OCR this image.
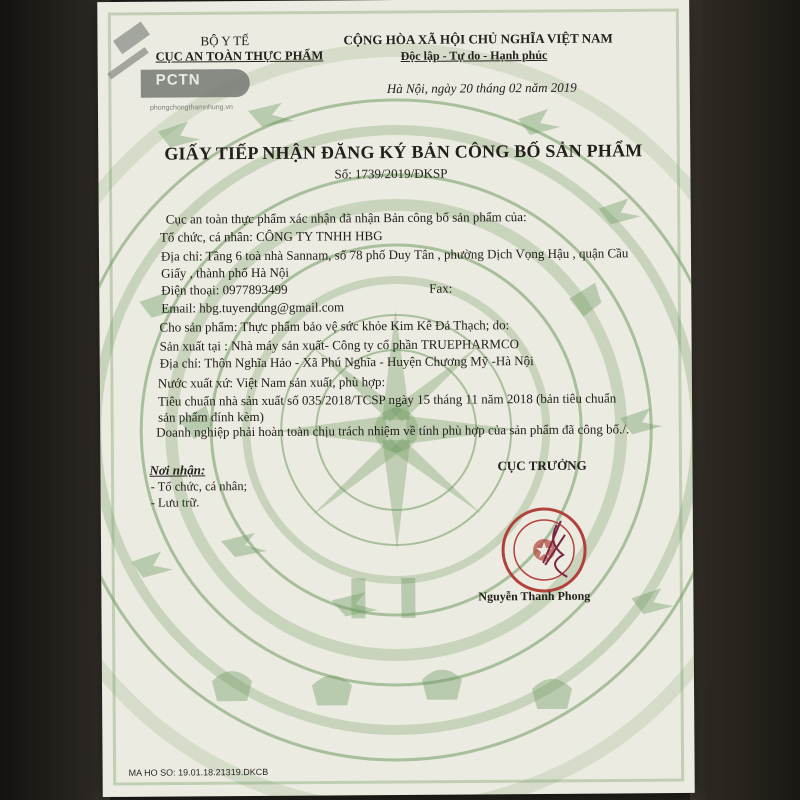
PCTN
phongchongthamnhung.vn
BỘ Y TẾ
CỤC AN TOÀN THỰC PHẨM
CỘNG HÒA XÃ HỘI CHỦ NGHĨA VIỆT NAM
Độc lập - Tự do - Hạnh phúc
Hà Nội, ngày 20 tháng 02 năm 2019
GIẤY TIẾP NHẬN ĐĂNG KÝ BẢN CÔNG BỐ SẢN PHẨM
Số: 1739/2019/ĐKSP
Cục an toàn thực phẩm xác nhận đã nhận Bản công bố sản phẩm của:
Tổ chức, cá nhân: CÔNG TY TNHH HBG
Địa chỉ: Tầng 6 toà nhà Sannam, số 78 phố Duy Tân , phường Dịch Vọng Hậu , quận Cầu
Giấy , thành phố Hà Nội
Điện thoại: 0977893499	Fax:
Email: hbg.tuyendung@gmail.com
Cho sản phẩm: Thực phẩm bảo vệ sức khỏe Kim Kê Đả Thạch; do:
Sản xuất tại : Nhà máy sản xuất- Công ty cổ phần TRUEPHARMCO
Địa chỉ: Thôn Nghĩa Hảo - Xã Phú Nghĩa - Huyện Chương Mỹ -Hà Nội
Nước xuất xứ: Việt Nam sản xuất, phù hợp:
Tiêu chuẩn nhà sản xuất số 035/2018/TCSP ngày 15 tháng 11 năm 2018 (bản tiêu chuẩn
sản phẩm đính kèm)
Doanh nghiệp phải hoàn toàn chịu trách nhiệm về tính phù hợp của sản phẩm đã công bố./.
Nơi nhận:
- Tổ chức, cá nhân;
- Lưu trữ.
CỤC TRƯỞNG
Nguyễn Thanh Phong
MA HO SO: 19.01.18.21319.DKCB
